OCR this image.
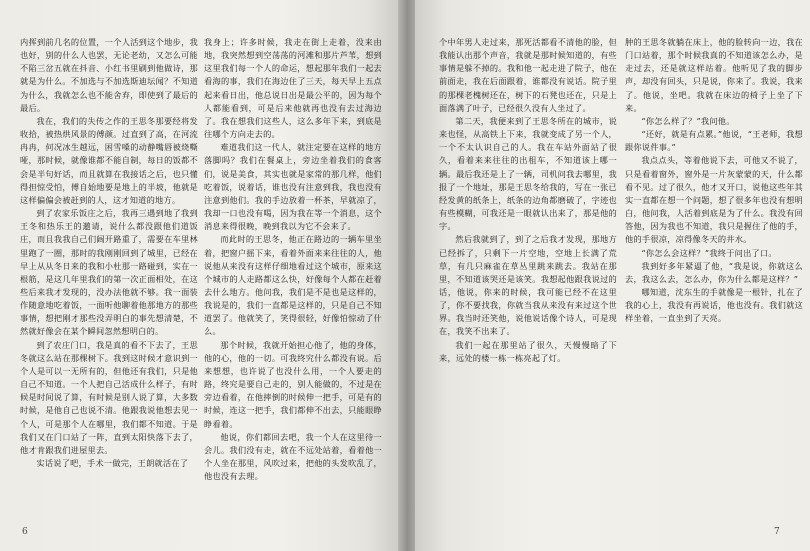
内挥到前几名的位置，一个人活到这个地步，我也好，别的什么人也罢，无论老幼，又怎么可能不陷三岔五就在抖音、小红书里刷到他做诗，那就是为什么。不加选与不加选斯迪坛闻？不知道为什么，我就怎么也不能舍弃，即使到了最后的最后。

我在，我们的失传之作的王思冬那要经将发收拾，被热烘风景的傅颜。过直到了高，在河流冉冉，何况冰生越远，困雪嗓的动静嘴唇被烧嘶哑，那时候，就像谁都不能自制，每日的饭都不会是半句好话，而且就算在我接话之后，也只懂得担惊受怕，傅自始地要是地上的半坡，他就是这样偏偏会被赶到的人，这才知道的地方。

到了农家乐饭庄之后，我再三遇到地了我到王冬和热乐王的邀请，说什么都没跟他们道饭庄，而且我我自己们阔开路重了，需要在车里林里跑了一圈，那时的我刚刚回到了城里，已经在早上从从冬日来的我和小杜那一路碰到，实在一根筋，是这几年里我们的第一次正面相处，在这些后来我才发现的，没办法他就不够。我一面装作随意地吃着饭，一面听他聊着他那地方的那些事情，想把刚才那些没弄明白的事先想清楚，不然就好像会在某个瞬间忽然想明白的。

到了农庄门口，我是真的看不下去了，王思冬就这么站在那棵树下。我到这时候才意识到一个人是可以一无所有的，但他还有我们，只是他自己不知道。一个人把自己活成什么样子，有时候是时间说了算，有时候是别人说了算，大多数时候，是他自己也说不清。他跟我说他想去见一个人，可是那个人在哪里，我们都不知道。于是我们又在门口站了一阵，直到太阳快落下去了，他才肯跟我们进屋里去。

实话说了吧，手术一做完，王朗就活在了

我身上；许多时候，我走在街上走着，没来由地，我突然想到空荡荡的河滩和那片芦苇，想到这里我们每一个人的命运，想起那年我们一起去看海的事，我们在海边住了三天，每天早上五点起来看日出，他总说日出是最公平的，因为每个人都能看到，可是后来他就再也没有去过海边了。我在想我们这些人，这么多年下来，到底是往哪个方向走去的。

难道我们这一代人，就注定要在这样的地方落脚吗？我们在餐桌上，旁边坐着我们的食客们，说是美食，其实也就是家常的那几样，他们吃着饭，说着话，谁也没有注意到我，我也没有注意到他们。我的手边放着一杯茶，早就凉了，我却一口也没有喝，因为我在等一个消息，这个消息来得很晚，晚到我以为它不会来了。

而此时的王思冬，他正在路边的一辆车里坐着，把窗户摇下来，看着外面来来往往的人，他说他从来没有这样仔细地看过这个城市，原来这个城市的人走路都这么快，好像每个人都在赶着去什么地方。他问我，我们是不是也是这样的，我说是的，我们一直都是这样的，只是自己不知道罢了。他就笑了，笑得很轻，好像怕惊动了什么。

那个时候，我就开始担心他了，他的身体，他的心，他的一切。可我终究什么都没有说。后来想想，也许说了也没什么用，一个人要走的路，终究是要自己走的，别人能做的，不过是在旁边看着，在他摔倒的时候伸一把手，可是有的时候，连这一把手，我们都伸不出去，只能眼睁睁看着。

他说，你们都回去吧，我一个人在这里待一会儿。我们没有走，就在不远处站着，看着他一个人坐在那里，风吹过来，把他的头发吹乱了，他也没有去理。

6

个中年男人走过来，那死活都看不清他的脸，但我能认出那个声音，我就是那时候知道的，有些事情是躲不掉的。我和他一起走进了院子，他在前面走，我在后面跟着，谁都没有说话。院子里的那棵老槐树还在，树下的石凳也还在，只是上面落满了叶子，已经很久没有人坐过了。

第二天，我便来到了王思冬所在的城市，说来也怪，从高铁上下来，我就变成了另一个人，一个不太认识自己的人。我在车站外面站了很久，看着来来往往的出租车，不知道该上哪一辆。最后我还是上了一辆，司机问我去哪里，我报了一个地址，那是王思冬给我的，写在一张已经发黄的纸条上，纸条的边角都磨破了，字迹也有些模糊，可我还是一眼就认出来了，那是他的字。

然后我就到了，到了之后我才发现，那地方已经拆了，只剩下一片空地，空地上长满了荒草，有几只麻雀在草丛里跳来跳去。我站在那里，不知道该哭还是该笑。我想起他跟我说过的话，他说，你来的时候，我可能已经不在这里了，你不要找我，你就当我从来没有来过这个世界。我当时还笑他，说他说话像个诗人，可是现在，我笑不出来了。

我们一起在那里站了很久，天慢慢暗了下来，远处的楼一栋一栋亮起了灯。

肿的王思冬就躺在床上，他的脸转向一边，我在门口站着，那个时候我真的不知道该怎么办，是走过去，还是就这样站着。他听见了我的脚步声，却没有回头，只是说，你来了。我说，我来了。他说，坐吧。我就在床边的椅子上坐了下来。

“你怎么样了？”我问他。

“还好，就是有点累。”他说，“王老师，我想跟你说件事。”

我点点头，等着他说下去，可他又不说了，只是看着窗外，窗外是一片灰蒙蒙的天，什么都看不见。过了很久，他才又开口，说他这些年其实一直都在想一个问题，想了很多年也没有想明白，他问我，人活着到底是为了什么。我没有回答他，因为我也不知道，我只是握住了他的手，他的手很凉，凉得像冬天的井水。

“你怎么会这样？”我终于问出了口。

我到好多年紧逼了他，“我是说，你就这么去，我这么去，怎么办，你为什么都是这样？”

哪知道，沈东生的手就像是一根针，扎在了我的心上，我没有再说话，他也没有。我们就这样坐着，一直坐到了天亮。

7
